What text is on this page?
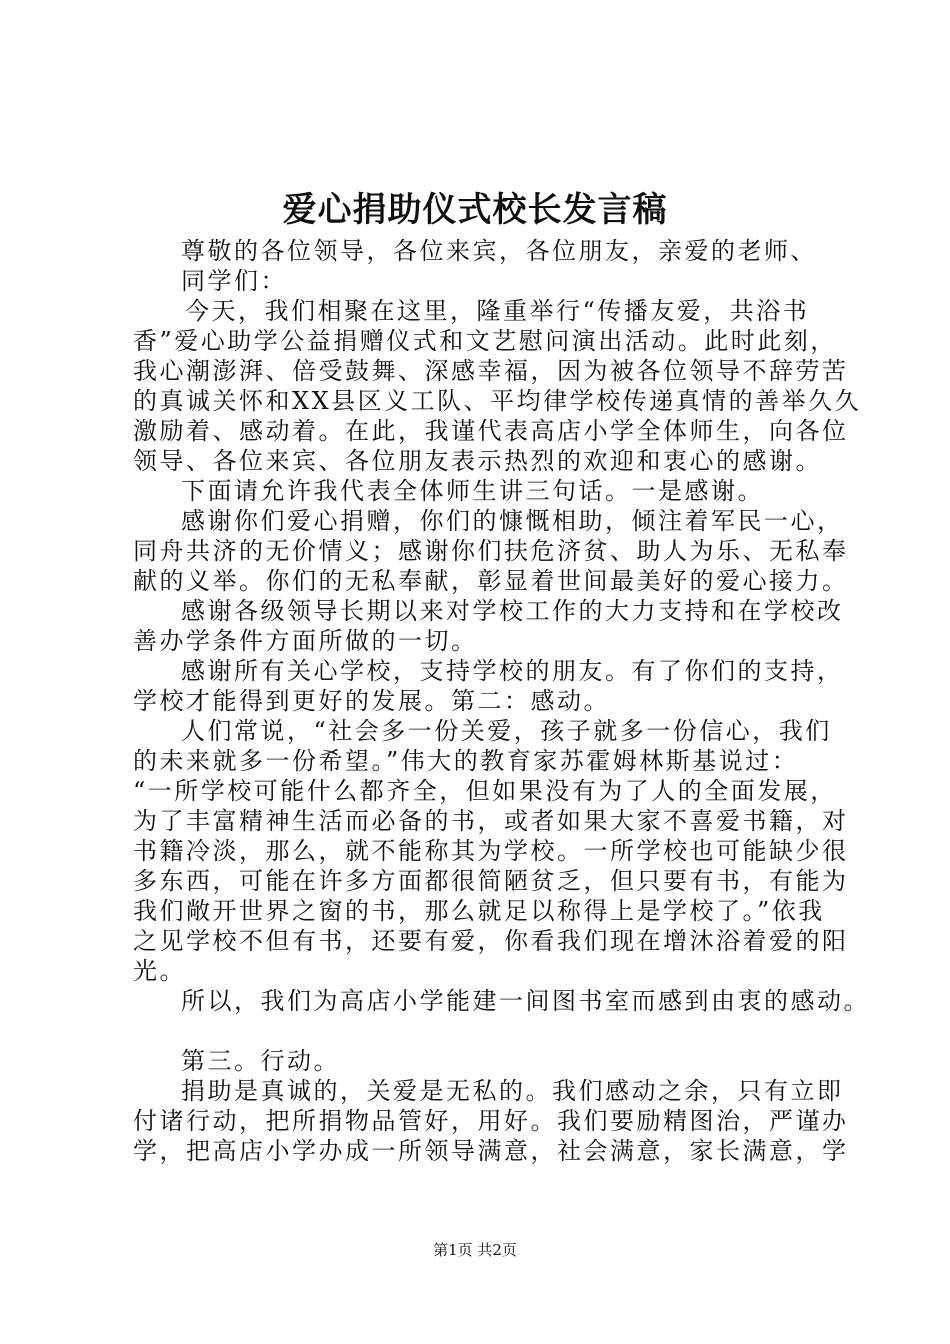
爱心捐助仪式校长发言稿
尊敬的各位领导，各位来宾，各位朋友，亲爱的老师、
同学们：
今天，我们相聚在这里，隆重举行“传播友爱，共浴书
香”爱心助学公益捐赠仪式和文艺慰问演出活动。此时此刻，
我心潮澎湃、倍受鼓舞、深感幸福，因为被各位领导不辞劳苦
的真诚关怀和XX县区义工队、平均律学校传递真情的善举久久
激励着、感动着。在此，我谨代表高店小学全体师生，向各位
领导、各位来宾、各位朋友表示热烈的欢迎和衷心的感谢。
下面请允许我代表全体师生讲三句话。一是感谢。
感谢你们爱心捐赠，你们的慷慨相助，倾注着军民一心，
同舟共济的无价情义；感谢你们扶危济贫、助人为乐、无私奉
献的义举。你们的无私奉献，彰显着世间最美好的爱心接力。
感谢各级领导长期以来对学校工作的大力支持和在学校改
善办学条件方面所做的一切。
感谢所有关心学校，支持学校的朋友。有了你们的支持，
学校才能得到更好的发展。第二：感动。
人们常说，“社会多一份关爱，孩子就多一份信心，我们
的未来就多一份希望。”伟大的教育家苏霍姆林斯基说过：
“一所学校可能什么都齐全，但如果没有为了人的全面发展，
为了丰富精神生活而必备的书，或者如果大家不喜爱书籍，对
书籍冷淡，那么，就不能称其为学校。一所学校也可能缺少很
多东西，可能在许多方面都很简陋贫乏，但只要有书，有能为
我们敞开世界之窗的书，那么就足以称得上是学校了。”依我
之见学校不但有书，还要有爱，你看我们现在增沐浴着爱的阳
光。
所以，我们为高店小学能建一间图书室而感到由衷的感动。
第三。行动。
捐助是真诚的，关爱是无私的。我们感动之余，只有立即
付诸行动，把所捐物品管好，用好。我们要励精图治，严谨办
学，把高店小学办成一所领导满意，社会满意，家长满意，学
第1页 共2页
